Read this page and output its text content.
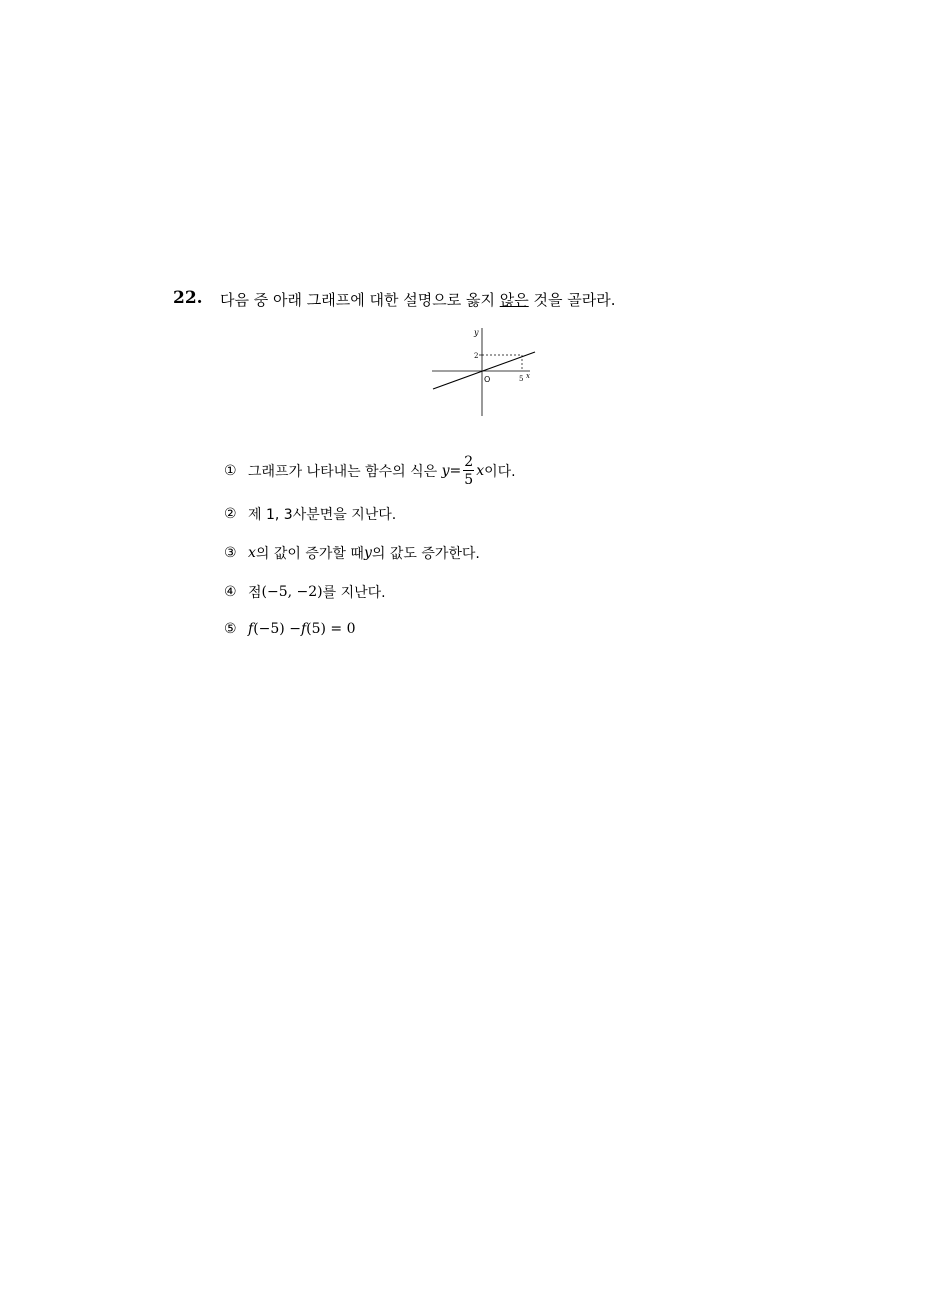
22. 다음 중 아래 그래프에 대한 설명으로 옳지 않은 것을 골라라.
y
x
O	5
2
① 그래프가 나타내는 함수의 식은
$y = \frac{2}{5}$ x 이다.
② 제 1, 3사분면을 지난다.
③ x 의 값이 증가할 때 y 의 값도 증가한다.
④ 점 (−5, −2) 를 지난다.
⑤ f (−5) − f (5) = 0
